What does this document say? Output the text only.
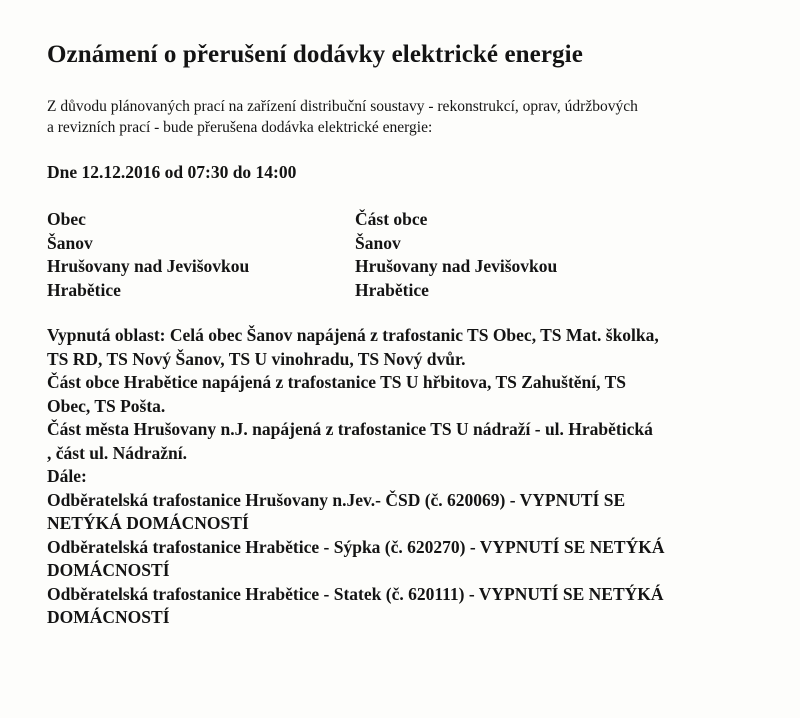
Oznámení o přerušení dodávky elektrické energie

Z důvodu plánovaných prací na zařízení distribuční soustavy - rekonstrukcí, oprav, údržbových
a revizních prací - bude přerušena dodávka elektrické energie:

Dne 12.12.2016 od 07:30 do 14:00

Obec	Část obce
Šanov	Šanov
Hrušovany nad Jevišovkou	Hrušovany nad Jevišovkou
Hrabětice	Hrabětice
Vypnutá oblast: Celá obec Šanov napájená z trafostanic TS Obec, TS Mat. školka,
TS RD, TS Nový Šanov, TS U vinohradu, TS Nový dvůr.
Část obce Hrabětice napájená z trafostanice TS U hřbitova, TS Zahuštění, TS
Obec, TS Pošta.
Část města Hrušovany n.J. napájená z trafostanice TS U nádraží - ul. Hrabětická
, část ul. Nádražní.
Dále:
Odběratelská trafostanice Hrušovany n.Jev.- ČSD (č. 620069) - VYPNUTÍ SE
NETÝKÁ DOMÁCNOSTÍ
Odběratelská trafostanice Hrabětice - Sýpka (č. 620270) - VYPNUTÍ SE NETÝKÁ
DOMÁCNOSTÍ
Odběratelská trafostanice Hrabětice - Statek (č. 620111) - VYPNUTÍ SE NETÝKÁ
DOMÁCNOSTÍ
